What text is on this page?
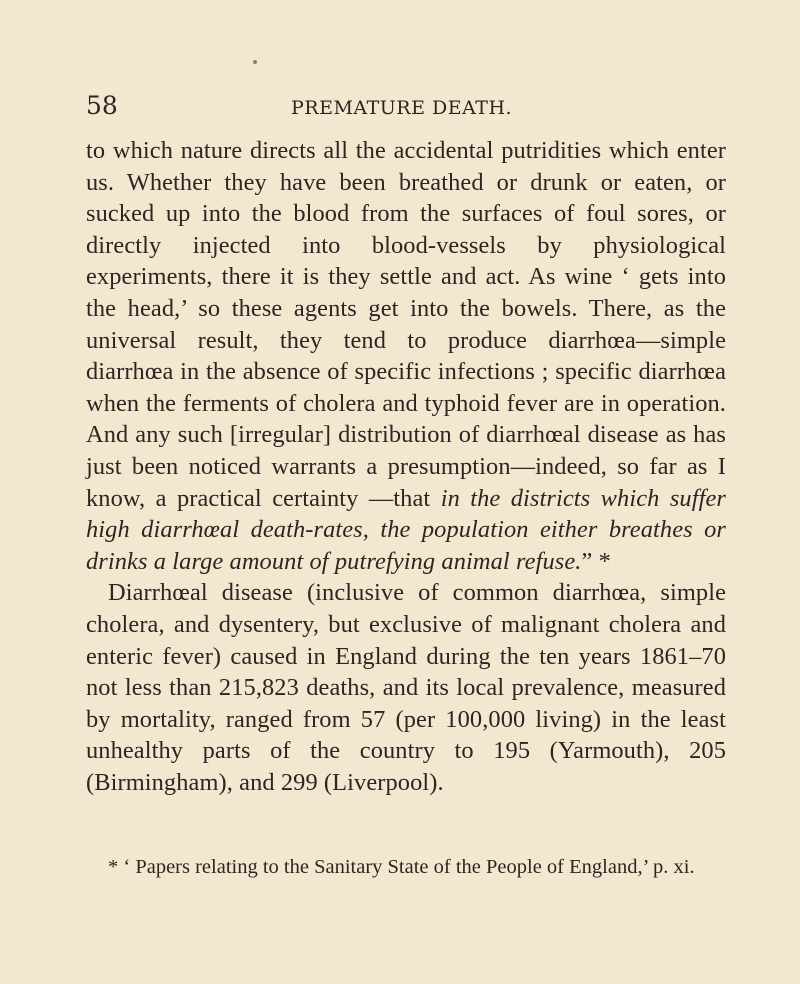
58	PREMATURE DEATH.

to which nature directs all the accidental putridities which enter us. Whether they have been breathed or drunk or eaten, or sucked up into the blood from the surfaces of foul sores, or directly injected into blood-vessels by physiological experiments, there it is they settle and act. As wine ‘ gets into the head,’ so these agents get into the bowels. There, as the universal result, they tend to produce diarrhœa—simple diarrhœa in the absence of specific infections ; specific diarrhœa when the ferments of cholera and typhoid fever are in operation. And any such [irregular] distribution of diarrhœal disease as has just been noticed warrants a presumption—indeed, so far as I know, a practical certainty —that in the districts which suffer high diarrhœal death-rates, the population either breathes or drinks a large amount of putrefying animal refuse.” *

Diarrhœal disease (inclusive of common diarrhœa, simple cholera, and dysentery, but exclusive of malignant cholera and enteric fever) caused in England during the ten years 1861–70 not less than 215,823 deaths, and its local prevalence, measured by mortality, ranged from 57 (per 100,000 living) in the least unhealthy parts of the country to 195 (Yarmouth), 205 (Birmingham), and 299 (Liverpool).

* ‘ Papers relating to the Sanitary State of the People of England,’ p. xi.
